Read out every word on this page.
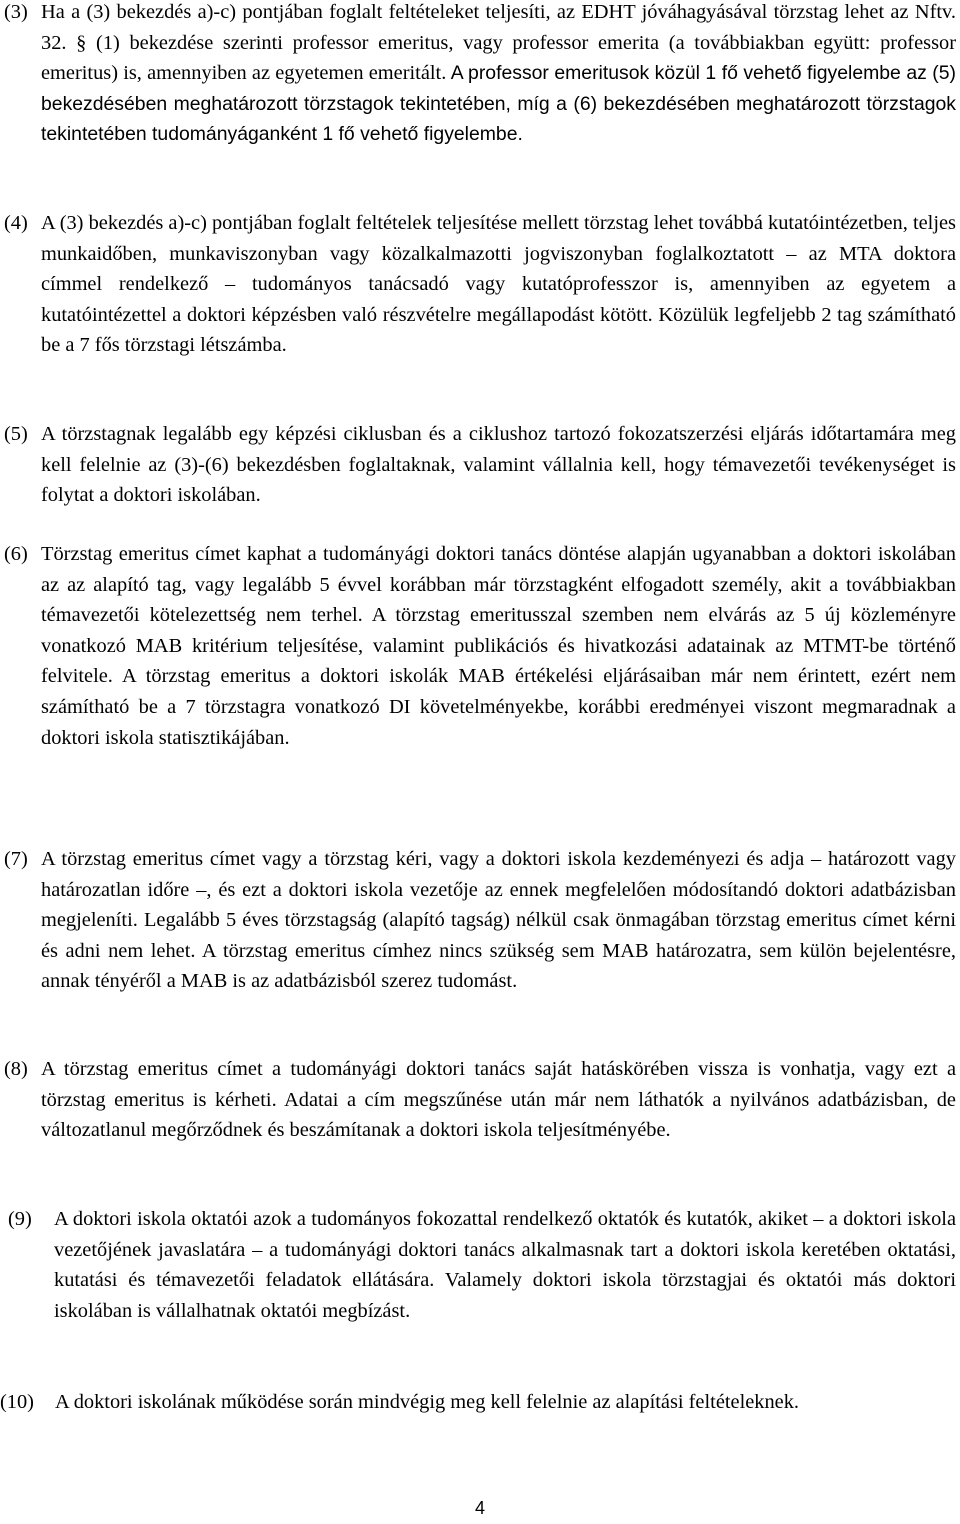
(3) Ha a (3) bekezdés a)-c) pontjában foglalt feltételeket teljesíti, az EDHT jóváhagyásával törzstag lehet az Nftv. 32. § (1) bekezdése szerinti professor emeritus, vagy professor emerita (a továbbiakban együtt: professor emeritus) is, amennyiben az egyetemen emeritált. A professor emeritusok közül 1 fő vehető figyelembe az (5) bekezdésében meghatározott törzstagok tekintetében, míg a (6) bekezdésében meghatározott törzstagok tekintetében tudományáganként 1 fő vehető figyelembe.
(4) A (3) bekezdés a)-c) pontjában foglalt feltételek teljesítése mellett törzstag lehet továbbá kutatóintézetben, teljes munkaidőben, munkaviszonyban vagy közalkalmazotti jogviszonyban foglalkoztatott – az MTA doktora címmel rendelkező – tudományos tanácsadó vagy kutatóprofesszor is, amennyiben az egyetem a kutatóintézettel a doktori képzésben való részvételre megállapodást kötött. Közülük legfeljebb 2 tag számítható be a 7 fős törzstagi létszámba.
(5) A törzstagnak legalább egy képzési ciklusban és a ciklushoz tartozó fokozatszerzési eljárás időtartamára meg kell felelnie az (3)-(6) bekezdésben foglaltaknak, valamint vállalnia kell, hogy témavezetői tevékenységet is folytat a doktori iskolában.
(6) Törzstag emeritus címet kaphat a tudományági doktori tanács döntése alapján ugyanabban a doktori iskolában az az alapító tag, vagy legalább 5 évvel korábban már törzstagként elfogadott személy, akit a továbbiakban témavezetői kötelezettség nem terhel. A törzstag emeritusszal szemben nem elvárás az 5 új közleményre vonatkozó MAB kritérium teljesítése, valamint publikációs és hivatkozási adatainak az MTMT-be történő felvitele. A törzstag emeritus a doktori iskolák MAB értékelési eljárásaiban már nem érintett, ezért nem számítható be a 7 törzstagra vonatkozó DI követelményekbe, korábbi eredményei viszont megmaradnak a doktori iskola statisztikájában.
(7) A törzstag emeritus címet vagy a törzstag kéri, vagy a doktori iskola kezdeményezi és adja – határozott vagy határozatlan időre –, és ezt a doktori iskola vezetője az ennek megfelelően módosítandó doktori adatbázisban megjeleníti. Legalább 5 éves törzstagság (alapító tagság) nélkül csak önmagában törzstag emeritus címet kérni és adni nem lehet. A törzstag emeritus címhez nincs szükség sem MAB határozatra, sem külön bejelentésre, annak tényéről a MAB is az adatbázisból szerez tudomást.
(8) A törzstag emeritus címet a tudományági doktori tanács saját hatáskörében vissza is vonhatja, vagy ezt a törzstag emeritus is kérheti. Adatai a cím megszűnése után már nem láthatók a nyilvános adatbázisban, de változatlanul megőrződnek és beszámítanak a doktori iskola teljesítményébe.
(9)	A doktori iskola oktatói azok a tudományos fokozattal rendelkező oktatók és kutatók, akiket – a doktori iskola vezetőjének javaslatára – a tudományági doktori tanács alkalmasnak tart a doktori iskola keretében oktatási, kutatási és témavezetői feladatok ellátására. Valamely doktori iskola törzstagjai és oktatói más doktori iskolában is vállalhatnak oktatói megbízást.
(10)	A doktori iskolának működése során mindvégig meg kell felelnie az alapítási feltételeknek.
4
